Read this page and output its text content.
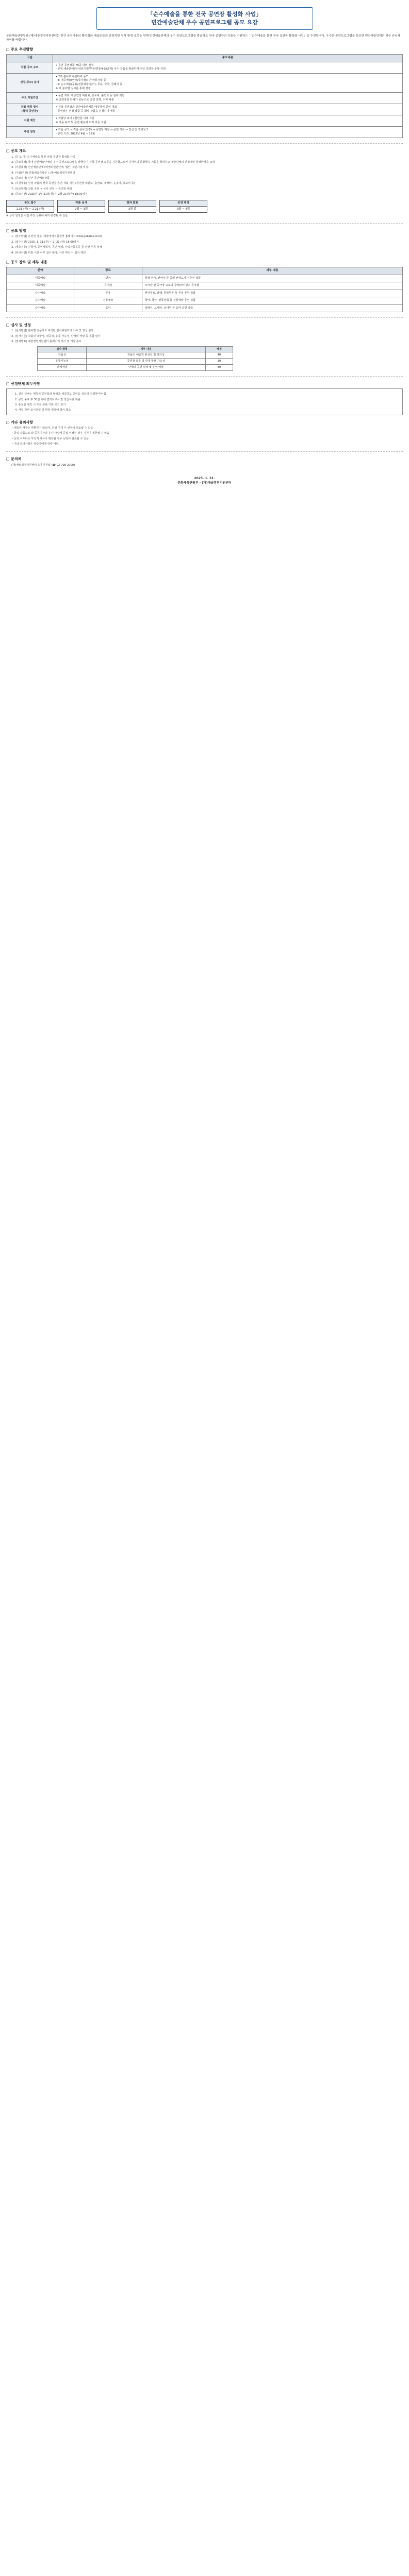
「순수예술을 통한 전국 공연장 활성화 사업」
민간예술단체 우수 공연프로그램 공모 요강
문화체육관광부와 (재)예술경영지원센터는 민간 공연예술의 활성화와 예술인들의 안정적인 창작 환경 조성을 위해 민간예술단체의 우수 공연프로그램을 발굴하고 전국 공연장의 유통을 지원하는 「순수예술을 통한 전국 공연장 활성화 사업」을 추진합니다. 우수한 공연프로그램을 보유한 민간예술단체의 많은 관심과 참여를 바랍니다.
□ 주요 추진방향
구분	주요내용
작품 공모 규모	∙ 공연 공연작품 70종 내외 선정
- 공연 예술분야(연극/뮤지컬/무용/전통예술/음악) 우수 작품을 발굴하여 전국 공연장 유통 지원
선정(공모) 분야	∙ 2개 분야로 구분하여 공모
- ① 대중예술(연극/뮤지컬): 연극/뮤지컬 등
- ② 순수예술(무용/전통예술/음악): 무용, 국악, 클래식 등
※ 각 분야별 심사를 통해 선정
주요 지원조건	∙ 공연 개최 시 공연장 대관료, 홍보비, 출연료 등 일부 지원
※ 공연장과 단체가 공동으로 공연 진행, 수익 배분
작품 매칭 방식
(협력 공연장)	∙ 전국 공연장과 민간예술단체를 매칭하여 공연 개최
- 공연장은 선정 작품 중 희망 작품을 신청하여 매칭
지원 예산	∙ 작품당 최대 7천만원 이내 지원
※ 작품 규모 및 공연 횟수에 따라 차등 지원
추진 일정	∙ 작품 공모 → 작품 심사(선정) → 공연장 매칭 → 공연 개최 → 정산 및 결과보고
- 공연 기간: 2025년 4월 ~ 12월
□ 공모 개요
1. (공 모 명) 순수예술을 통한 전국 공연장 활성화 사업
2. (공모목적) 국내 민간예술단체의 우수 공연프로그램을 발굴하여 전국 공연장 유통을 지원함으로써 지역민의 문화향유 기회를 확대하고 예술단체의 안정적인 창작환경을 조성
3. (지원대상) 민간예술단체 (비영리민간단체, 법인, 개인사업자 등)
4. (주최/주관) 문화체육관광부 / (재)예술경영지원센터
5. (공모분야) 민간 공연예술작품
6. (지원내용) 선정 작품의 전국 공연장 공연 개최 지원 (공연장 대관료, 출연료, 제작비, 운송비, 홍보비 등)
7. (공모방식) 작품 공모 → 심사 선정 → 공연장 매칭
8. (공모기간) 2025년 1월 31일(금) ~ 2월 21일(금) 18:00까지
공모 접수
1.31.(금) ~ 2.21.(금)
작품 심사
2월 ~ 3월
결과 발표
3월 중
공연 매칭
3월 ~ 4월
※ 상기 일정은 사업 추진 상황에 따라 변경될 수 있음
□ 공모 방법
1. (접수방법) 온라인 접수 (예술경영지원센터 홈페이지 www.gokams.or.kr)
2. (접수기간) 2025. 1. 31.(금) ~ 2. 21.(금) 18:00까지
3. (제출서류) 신청서, 공연계획서, 공연 영상, 사업자등록증 등 관련 서류 일체
4. (유의사항) 마감 시간 이후 접수 불가, 서류 미비 시 심사 제외
□ 공모 장르 및 세부 내용
분야	장르	세부 내용
대중예술	연극	창작 연극, 번역극 등 공연 완성도가 검증된 작품
대중예술	뮤지컬	소극장 및 중극장 규모의 창작/라이선스 뮤지컬
순수예술	무용	현대무용, 발레, 한국무용 등 무용 공연 작품
순수예술	전통예술	국악, 창극, 전통연희 등 전통예술 공연 작품
순수예술	음악	클래식, 오페라, 실내악 등 음악 공연 작품
□ 심사 및 선정
1. (심사방법) 분야별 전문가로 구성된 심사위원회의 서류 및 영상 심사
2. (심사기준) 작품의 예술성, 대중성, 유통 가능성, 단체의 역량 등 종합 평가
3. (결과발표) 예술경영지원센터 홈페이지 게시 및 개별 통보
심사 항목	세부 내용	배점
작품성	작품의 예술적 완성도 및 창의성	40
유통가능성	공연장 유통 및 관객 확보 가능성	30
단체역량	단체의 공연 실적 및 운영 역량	30
□ 선정단체 의무사항
1. 선정 단체는 매칭된 공연장과 협약을 체결하고 공연을 성실히 진행하여야 함
2. 공연 종료 후 30일 이내 결과보고서 및 정산서류 제출
3. 홍보물 제작 시 주최·주관 기관 로고 표기
4. 사업 관련 모니터링 및 현장 점검에 적극 협조
□ 기타 유의사항
∙ 제출된 서류는 반환하지 않으며, 허위 기재 시 선정이 취소될 수 있음
∙ 동일 작품으로 타 공공기관의 유사 사업에 중복 선정된 경우 지원이 제한될 수 있음
∙ 선정 이후라도 부적격 사유가 확인될 경우 선정이 취소될 수 있음
∙ 기타 문의사항은 담당자에게 연락 바람
□ 문의처
(재)예술경영지원센터 유통지원팀 (☎ 02-708-2000)
2025. 1. 31.
문화체육관광부 · (재)예술경영지원센터
